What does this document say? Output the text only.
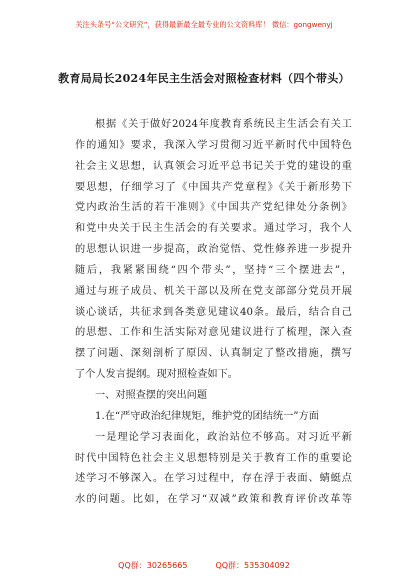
关注头条号“公文研究”，获得最新最全最专业的公文资料库！ 微信：gongwenyj
教育局局长2024年民主生活会对照检查材料（四个带头）
根据《关于做好2024年度教育系统民主生活会有关工
作的通知》要求，我深入学习贯彻习近平新时代中国特色
社会主义思想，认真领会习近平总书记关于党的建设的重
要思想，仔细学习了《中国共产党章程》《关于新形势下
党内政治生活的若干准则》《中国共产党纪律处分条例》
和党中央关于民主生活会的有关要求。通过学习，我个人
的思想认识进一步提高，政治觉悟、党性修养进一步提升
随后，我紧紧围绕“四个带头”，坚持“三个摆进去”，
通过与班子成员、机关干部以及所在党支部部分党员开展
谈心谈话，共征求到各类意见建议40条。最后，结合自己
的思想、工作和生活实际对意见建议进行了梳理，深入查
摆了问题、深刻剖析了原因、认真制定了整改措施，撰写
了个人发言提纲。现对照检查如下。
一、对照查摆的突出问题
1.在“严守政治纪律规矩，维护党的团结统一”方面
一是理论学习表面化，政治站位不够高。对习近平新
时代中国特色社会主义思想特别是关于教育工作的重要论
述学习不够深入。在学习过程中，存在浮于表面、蜻蜓点
水的问题。比如，在学习“双减”政策和教育评价改革等
QQ群：30265665	QQ群：535304092
